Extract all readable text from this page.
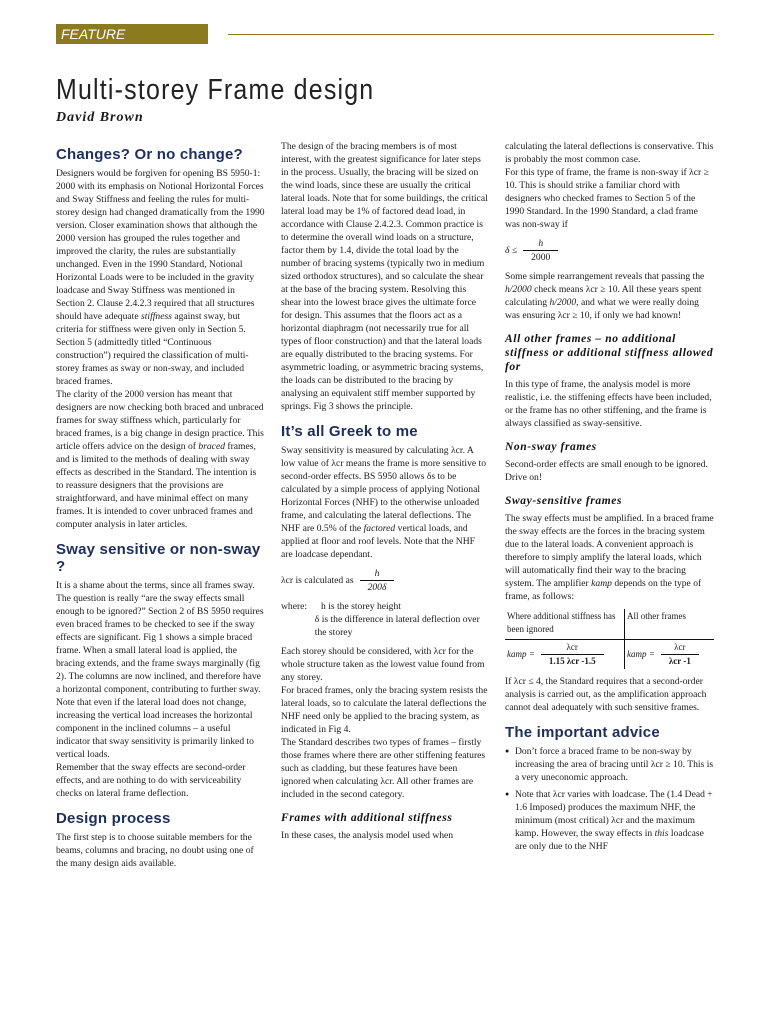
FEATURE
Multi-storey Frame design
David Brown
Changes? Or no change?

Designers would be forgiven for opening BS 5950-1: 2000 with its emphasis on Notional Horizontal Forces and Sway Stiffness and feeling the rules for multi-storey design had changed dramatically from the 1990 version. Closer examination shows that although the 2000 version has grouped the rules together and improved the clarity, the rules are substantially unchanged. Even in the 1990 Standard, Notional Horizontal Loads were to be included in the gravity loadcase and Sway Stiffness was mentioned in Section 2. Clause 2.4.2.3 required that all structures should have adequate stiffness against sway, but criteria for stiffness were given only in Section 5. Section 5 (admittedly titled “Continuous construction”) required the classification of multi-storey frames as sway or non-sway, and included braced frames.

The clarity of the 2000 version has meant that designers are now checking both braced and unbraced frames for sway stiffness which, particularly for braced frames, is a big change in design practice. This article offers advice on the design of braced frames, and is limited to the methods of dealing with sway effects as described in the Standard. The intention is to reassure designers that the provisions are straightforward, and have minimal effect on many frames. It is intended to cover unbraced frames and computer analysis in later articles.

Sway sensitive or non-sway ?

It is a shame about the terms, since all frames sway. The question is really “are the sway effects small enough to be ignored?” Section 2 of BS 5950 requires even braced frames to be checked to see if the sway effects are significant. Fig 1 shows a simple braced frame. When a small lateral load is applied, the bracing extends, and the frame sways marginally (fig 2). The columns are now inclined, and therefore have a horizontal component, contributing to further sway. Note that even if the lateral load does not change, increasing the vertical load increases the horizontal component in the inclined columns – a useful indicator that sway sensitivity is primarily linked to vertical loads.

Remember that the sway effects are second-order effects, and are nothing to do with serviceability checks on lateral frame deflection.

Design process

The first step is to choose suitable members for the beams, columns and bracing, no doubt using one of the many design aids available.

The design of the bracing members is of most interest, with the greatest significance for later steps in the process. Usually, the bracing will be sized on the wind loads, since these are usually the critical lateral loads. Note that for some buildings, the critical lateral load may be 1% of factored dead load, in accordance with Clause 2.4.2.3. Common practice is to determine the overall wind loads on a structure, factor them by 1.4, divide the total load by the number of bracing systems (typically two in medium sized orthodox structures), and so calculate the shear at the base of the bracing system. Resolving this shear into the lowest brace gives the ultimate force for design. This assumes that the floors act as a horizontal diaphragm (not necessarily true for all types of floor construction) and that the lateral loads are equally distributed to the bracing systems. For asymmetric loading, or asymmetric bracing systems, the loads can be distributed to the bracing by analysing an equivalent stiff member supported by springs. Fig 3 shows the principle.

It’s all Greek to me

Sway sensitivity is measured by calculating λcr. A low value of λcr means the frame is more sensitive to second-order effects. BS 5950 allows δs to be calculated by a simple process of applying Notional Horizontal Forces (NHF) to the otherwise unloaded frame, and calculating the lateral deflections. The NHF are 0.5% of the factored vertical loads, and applied at floor and roof levels. Note that the NHF are loadcase dependant.

λcr is calculated as $\frac{h}{200\delta}$
where:	h is the storey height
δ is the difference in lateral deflection over the storey

Each storey should be considered, with λcr for the whole structure taken as the lowest value found from any storey.

For braced frames, only the bracing system resists the lateral loads, so to calculate the lateral deflections the NHF need only be applied to the bracing system, as indicated in Fig 4.

The Standard describes two types of frames – firstly those frames where there are other stiffening features such as cladding, but these features have been ignored when calculating λcr. All other frames are included in the second category.

Frames with additional stiffness

In these cases, the analysis model used when

calculating the lateral deflections is conservative. This is probably the most common case.

For this type of frame, the frame is non-sway if λcr ≥ 10. This is should strike a familiar chord with designers who checked frames to Section 5 of the 1990 Standard. In the 1990 Standard, a clad frame was non-sway if

$\delta \le \frac{h}{2000}$

Some simple rearrangement reveals that passing the h/2000 check means λcr ≥ 10. All these years spent calculating h/2000, and what we were really doing was ensuring λcr ≥ 10, if only we had known!

All other frames – no additional stiffness or additional stiffness allowed for

In this type of frame, the analysis model is more realistic, i.e. the stiffening effects have been included, or the frame has no other stiffening, and the frame is always classified as sway-sensitive.

Non-sway frames

Second-order effects are small enough to be ignored. Drive on!

Sway-sensitive frames

The sway effects must be amplified. In a braced frame the sway effects are the forces in the bracing system due to the lateral loads. A convenient approach is therefore to simply amplify the lateral loads, which will automatically find their way to the bracing system. The amplifier kamp depends on the type of frame, as follows:

Where additional stiffness has been ignored	All other frames

kamp = $\frac{\text{λcr}}{\text{1.15 λcr -1.5}}$	kamp = $\frac{\text{λcr}}{\text{λcr -1}}$

If λcr ≤ 4, the Standard requires that a second-order analysis is carried out, as the amplification approach cannot deal adequately with such sensitive frames.

The important advice
● Don’t force a braced frame to be non-sway by increasing the area of bracing until λcr ≥ 10. This is a very uneconomic approach.
● Note that λcr varies with loadcase. The (1.4 Dead + 1.6 Imposed) produces the maximum NHF, the minimum (most critical) λcr and the maximum kamp. However, the sway effects in this loadcase are only due to the NHF
